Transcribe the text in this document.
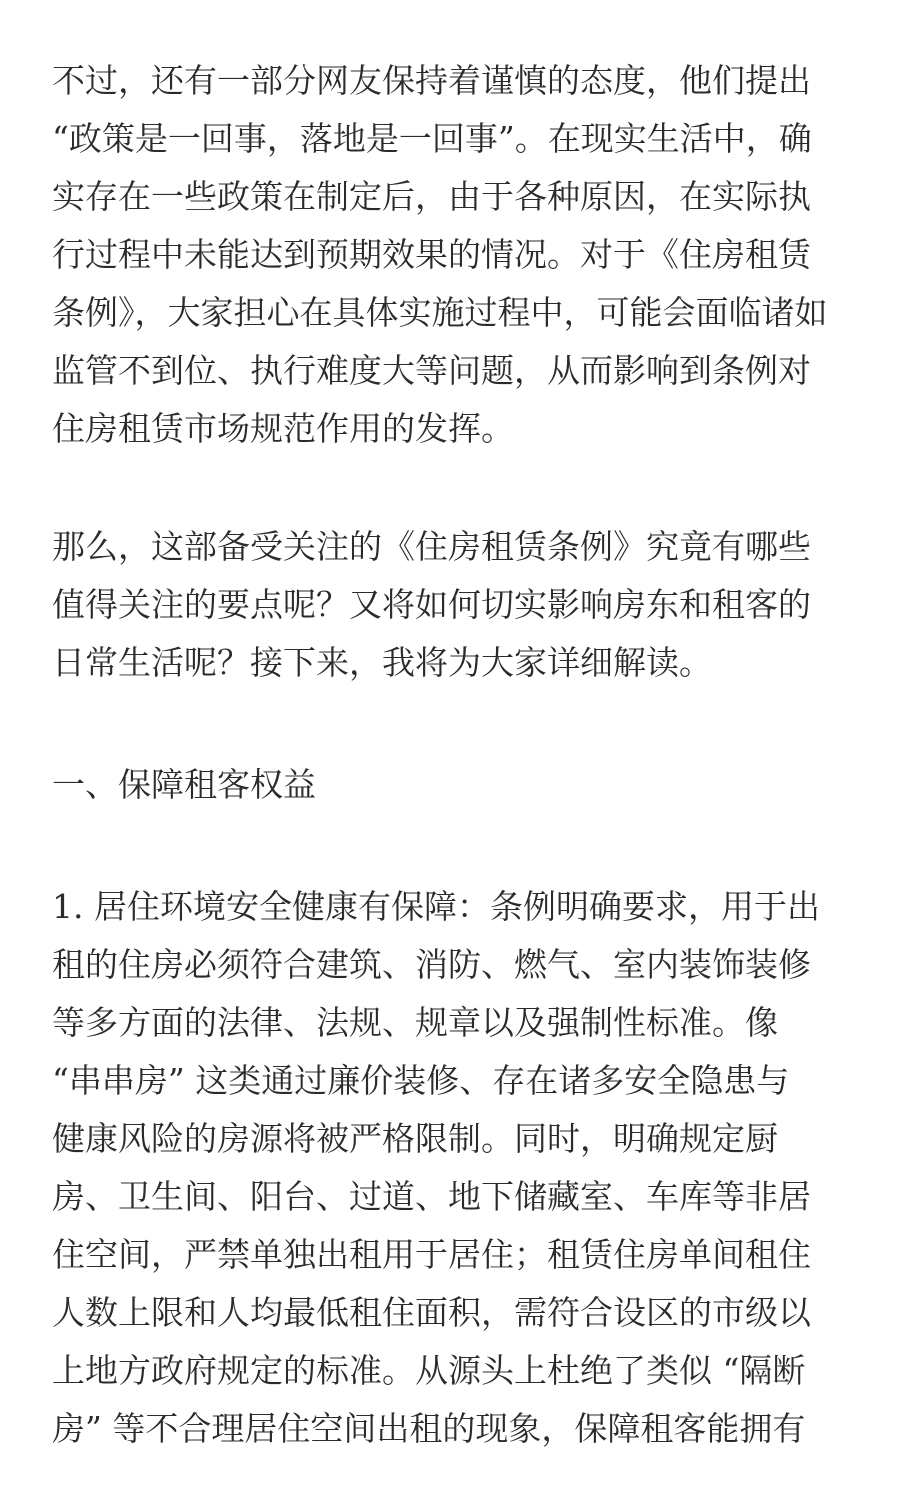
不过，还有一部分网友保持着谨慎的态度，他们提出
“政策是一回事，落地是一回事”。在现实生活中，确
实存在一些政策在制定后，由于各种原因，在实际执
行过程中未能达到预期效果的情况。对于《住房租赁
条例》，大家担心在具体实施过程中，可能会面临诸如
监管不到位、执行难度大等问题，从而影响到条例对
住房租赁市场规范作用的发挥。
那么，这部备受关注的《住房租赁条例》究竟有哪些
值得关注的要点呢？又将如何切实影响房东和租客的
日常生活呢？接下来，我将为大家详细解读。
一、保障租客权益
1. 居住环境安全健康有保障：条例明确要求，用于出
租的住房必须符合建筑、消防、燃气、室内装饰装修
等多方面的法律、法规、规章以及强制性标准。像
“串串房” 这类通过廉价装修、存在诸多安全隐患与
健康风险的房源将被严格限制。同时，明确规定厨
房、卫生间、阳台、过道、地下储藏室、车库等非居
住空间，严禁单独出租用于居住；租赁住房单间租住
人数上限和人均最低租住面积，需符合设区的市级以
上地方政府规定的标准。从源头上杜绝了类似 “隔断
房” 等不合理居住空间出租的现象，保障租客能拥有
